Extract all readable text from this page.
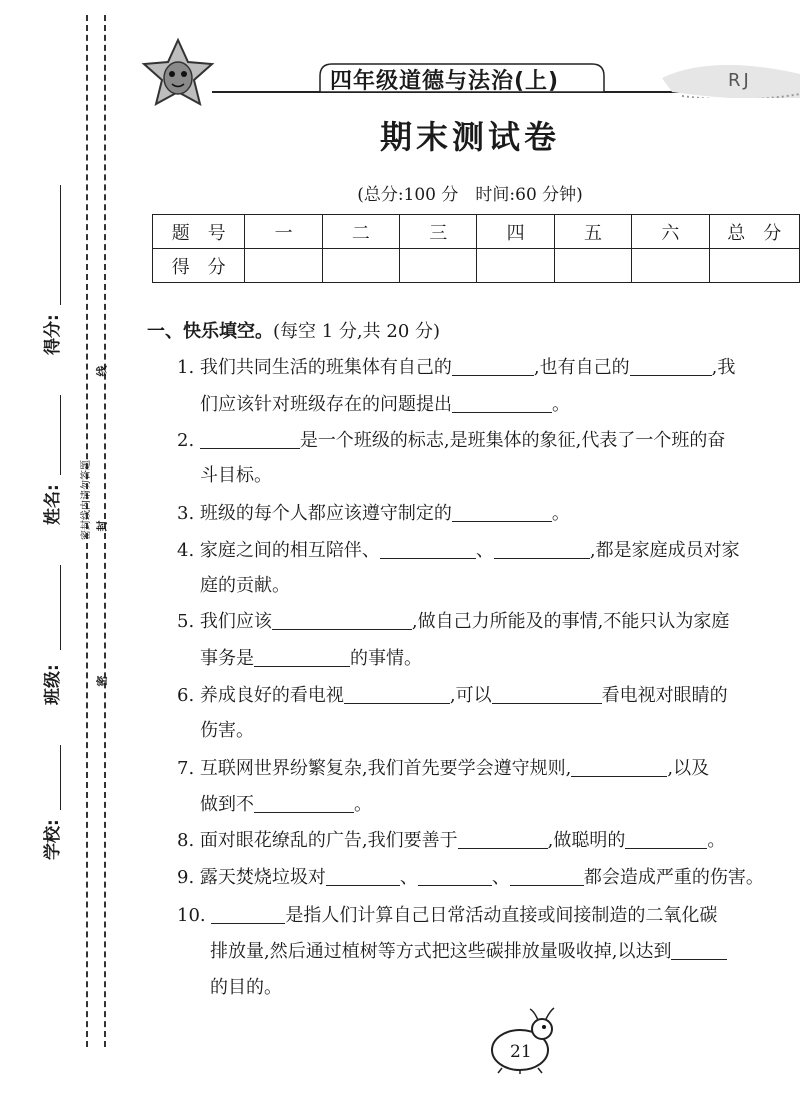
得分:
姓名:
班级:
学校:
线
封
密
密封线内请勿答题
四年级道德与法治(上)	RJ
期末测试卷
(总分:100 分　时间:60 分钟)
题　号	一	二	三	四	五	六	总　分
得　分							
一、快乐填空。(每空 1 分,共 20 分)
1. 我们共同生活的班集体有自己的	,也有自己的	,我
们应该针对班级存在的问题提出	。
2.	是一个班级的标志,是班集体的象征,代表了一个班的奋
斗目标。
3. 班级的每个人都应该遵守制定的	。
4. 家庭之间的相互陪伴、	、	,都是家庭成员对家
庭的贡献。
5. 我们应该	,做自己力所能及的事情,不能只认为家庭
事务是	的事情。
6. 养成良好的看电视	,可以	看电视对眼睛的
伤害。
7. 互联网世界纷繁复杂,我们首先要学会遵守规则,	,以及
做到不	。
8. 面对眼花缭乱的广告,我们要善于	,做聪明的	。
9. 露天焚烧垃圾对	、	、	都会造成严重的伤害。
10.	是指人们计算自己日常活动直接或间接制造的二氧化碳
排放量,然后通过植树等方式把这些碳排放量吸收掉,以达到
的目的。
21
